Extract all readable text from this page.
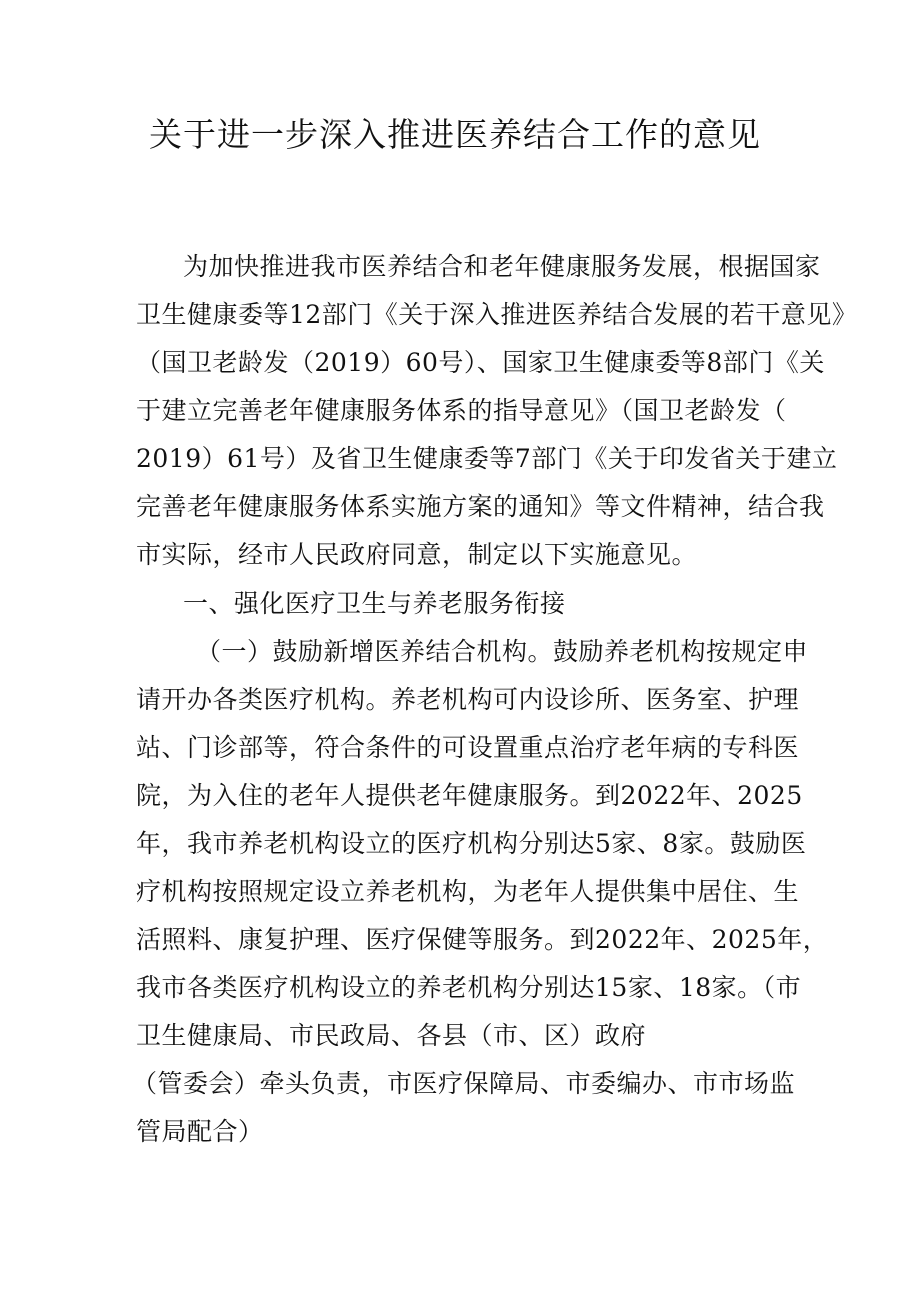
关于进一步深入推进医养结合工作的意见
为加快推进我市医养结合和老年健康服务发展，根据国家
卫生健康委等12部门《关于深入推进医养结合发展的若干意见》
（国卫老龄发（2019）60号）、国家卫生健康委等8部门《关
于建立完善老年健康服务体系的指导意见》（国卫老龄发（
2019）61号）及省卫生健康委等7部门《关于印发省关于建立
完善老年健康服务体系实施方案的通知》等文件精神，结合我
市实际，经市人民政府同意，制定以下实施意见。
一、强化医疗卫生与养老服务衔接
（一）鼓励新增医养结合机构。鼓励养老机构按规定申
请开办各类医疗机构。养老机构可内设诊所、医务室、护理
站、门诊部等，符合条件的可设置重点治疗老年病的专科医
院，为入住的老年人提供老年健康服务。到2022年、2025
年，我市养老机构设立的医疗机构分别达5家、8家。鼓励医
疗机构按照规定设立养老机构，为老年人提供集中居住、生
活照料、康复护理、医疗保健等服务。到2022年、2025年，
我市各类医疗机构设立的养老机构分别达15家、18家。（市
卫生健康局、市民政局、各县（市、区）政府
（管委会）牵头负责，市医疗保障局、市委编办、市市场监
管局配合）
